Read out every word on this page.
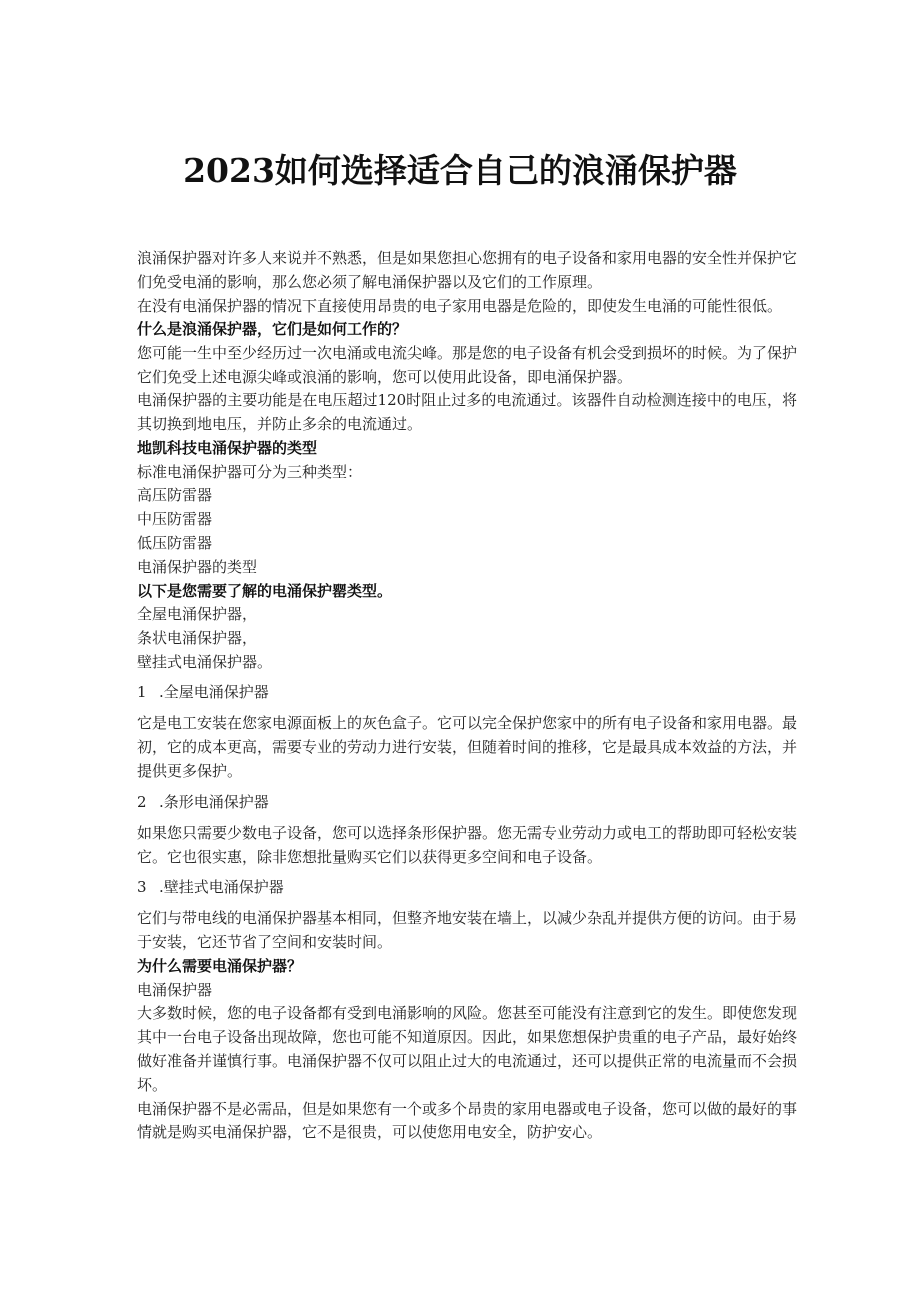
2023如何选择适合自己的浪涌保护器

浪涌保护器对许多人来说并不熟悉，但是如果您担心您拥有的电子设备和家用电器的安全性并保护它们免受电涌的影响，那么您必须了解电涌保护器以及它们的工作原理。

在没有电涌保护器的情况下直接使用昂贵的电子家用电器是危险的，即使发生电涌的可能性很低。

什么是浪涌保护器，它们是如何工作的？

您可能一生中至少经历过一次电涌或电流尖峰。那是您的电子设备有机会受到损坏的时候。为了保护它们免受上述电源尖峰或浪涌的影响，您可以使用此设备，即电涌保护器。

电涌保护器的主要功能是在电压超过120时阻止过多的电流通过。该器件自动检测连接中的电压，将其切换到地电压，并防止多余的电流通过。

地凯科技电涌保护器的类型

标准电涌保护器可分为三种类型：

高压防雷器

中压防雷器

低压防雷器

电涌保护器的类型

以下是您需要了解的电涌保护罂类型。

全屋电涌保护器，

条状电涌保护器，

壁挂式电涌保护器。

1 .全屋电涌保护器

它是电工安装在您家电源面板上的灰色盒子。它可以完全保护您家中的所有电子设备和家用电器。最初，它的成本更高，需要专业的劳动力进行安装，但随着时间的推移，它是最具成本效益的方法，并提供更多保护。

2 .条形电涌保护器

如果您只需要少数电子设备，您可以选择条形保护器。您无需专业劳动力或电工的帮助即可轻松安装它。它也很实惠，除非您想批量购买它们以获得更多空间和电子设备。

3 .壁挂式电涌保护器

它们与带电线的电涌保护器基本相同，但整齐地安装在墙上，以减少杂乱并提供方便的访问。由于易于安装，它还节省了空间和安装时间。

为什么需要电涌保护器？

电涌保护器

大多数时候，您的电子设备都有受到电涌影响的风险。您甚至可能没有注意到它的发生。即使您发现其中一台电子设备出现故障，您也可能不知道原因。因此，如果您想保护贵重的电子产品，最好始终做好准备并谨慎行事。电涌保护器不仅可以阻止过大的电流通过，还可以提供正常的电流量而不会损坏。

电涌保护器不是必需品，但是如果您有一个或多个昂贵的家用电器或电子设备，您可以做的最好的事情就是购买电涌保护器，它不是很贵，可以使您用电安全，防护安心。
